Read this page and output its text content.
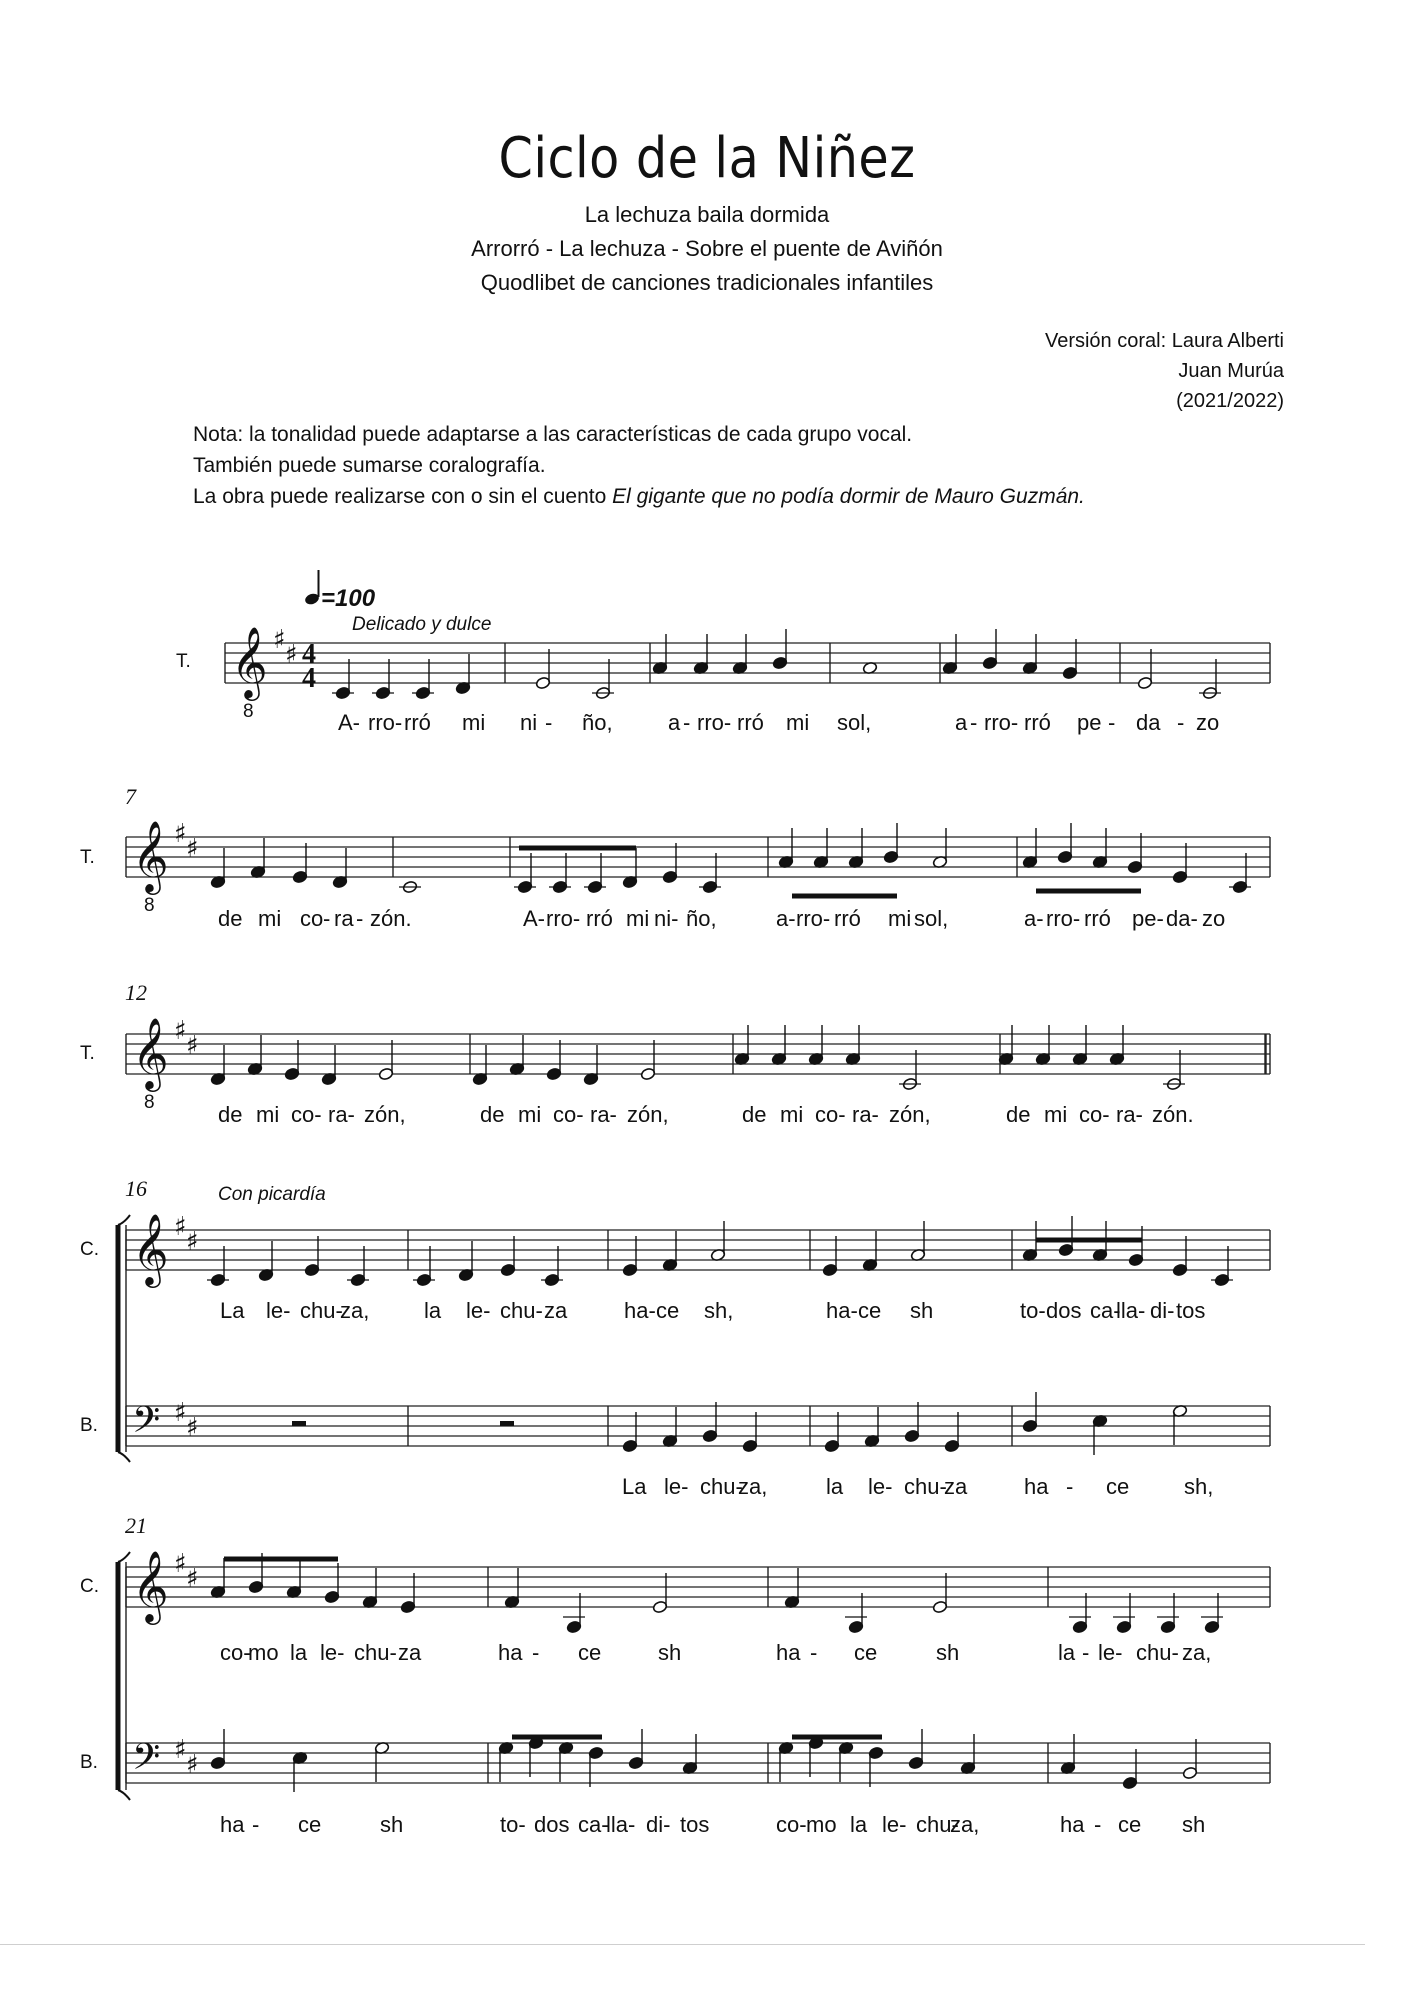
Ciclo de la Niñez
La lechuza baila dormida
Arrorró - La lechuza - Sobre el puente de Aviñón
Quodlibet de canciones tradicionales infantiles
Versión coral: Laura Alberti
Juan Murúa
(2021/2022)
Nota: la tonalidad puede adaptarse a las características de cada grupo vocal.
También puede sumarse coralografía.
La obra puede realizarse con o sin el cuento El gigante que no podía dormir de Mauro Guzmán.
𝄞
8
♯ ♯
𝄞
8
♯ ♯
𝄞
8
♯ ♯
𝄞 ♯ ♯
𝄢 ♯ ♯
𝄞 ♯ ♯
𝄢 ♯ ♯
=100
Delicado y dulce
Con picardía
T.
T.
T.
C.
B.
C.
B.
7
12
16
21
4
4
A- rro- rró mi ni - ño,	a - rro- rró mi sol,	a - rro- rró pe - da - zo
de mi co - ra - zón.	A- rro- rró mi ni- ño,	a- rro- rró mi sol,	a- rro- rró pe- da- zo
de mi co- ra- zón,	de mi co- ra- zón,	de mi co- ra- zón,	de mi co- ra- zón.
La le- chu-
za, la le- chu- za	ha- ce sh,	ha- ce sh	to- dos ca-
lla- di- tos
La le- chu-
za,	la le- chu-
za	ha - ce sh,
co-
mo la le- chu- za	ha - ce	sh	ha - ce	sh	la - le- chu- za,
ha - ce	sh	to- dos ca-
lla- di- tos	co- mo la le- chu-
za,	ha - ce sh
